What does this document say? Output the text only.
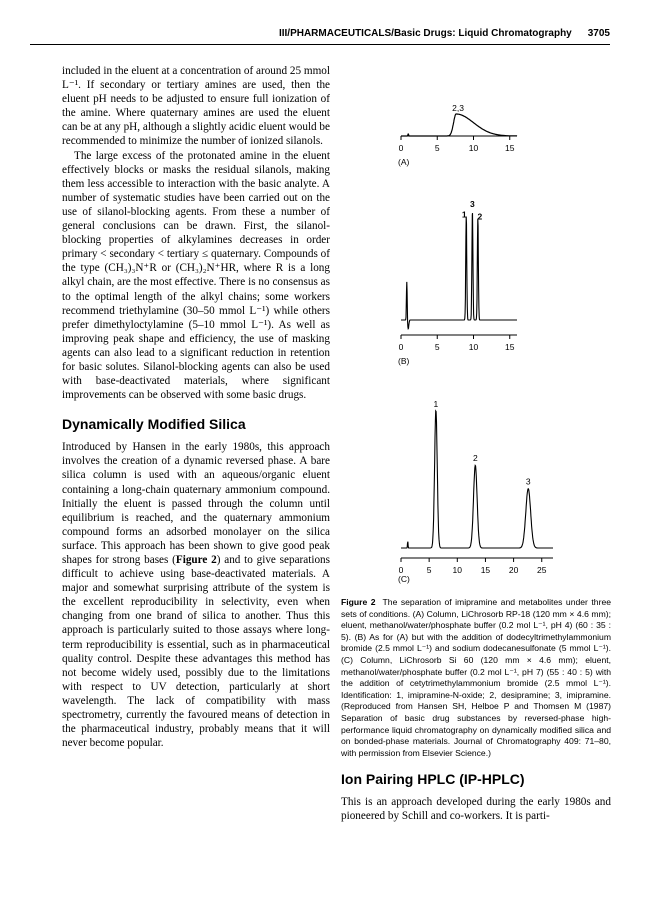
III/PHARMACEUTICALS/Basic Drugs: Liquid Chromatography 3705

included in the eluent at a concentration of around 25 mmol L⁻¹. If secondary or tertiary amines are used, then the eluent pH needs to be adjusted to ensure full ionization of the amine. Where quaternary amines are used the eluent can be at any pH, although a slightly acidic eluent would be recommended to minimize the number of ionized silanols.

The large excess of the protonated amine in the eluent effectively blocks or masks the residual silanols, making them less accessible to interaction with the basic analyte. A number of systematic studies have been carried out on the use of silanol-blocking agents. From these a number of general conclusions can be drawn. First, the silanol-blocking properties of alkylamines decreases in order primary < secondary < tertiary ≤ quaternary. Compounds of the type (CH₃)₃N⁺R or (CH₃)₂N⁺HR, where R is a long alkyl chain, are the most effective. There is no consensus as to the optimal length of the alkyl chains; some workers recommend triethylamine (30–50 mmol L⁻¹) while others prefer dimethyloctylamine (5–10 mmol L⁻¹). As well as improving peak shape and efficiency, the use of masking agents can also lead to a significant reduction in retention for basic solutes. Silanol-blocking agents can also be used with base-deactivated materials, where significant improvements can be observed with some basic drugs.

Dynamically Modified Silica

Introduced by Hansen in the early 1980s, this approach involves the creation of a dynamic reversed phase. A bare silica column is used with an aqueous/organic eluent containing a long-chain quaternary ammonium compound. Initially the eluent is passed through the column until equilibrium is reached, and the quaternary ammonium compound forms an adsorbed monolayer on the silica surface. This approach has been shown to give good peak shapes for strong bases (Figure 2) and to give separations difficult to achieve using base-deactivated materials. A major and somewhat surprising attribute of the system is the excellent reproducibility in selectivity, even when changing from one brand of silica to another. Thus this approach is particularly suited to those assays where long-term reproducibility is essential, such as in pharmaceutical quality control. Despite these advantages this method has not become widely used, possibly due to the limitations with respect to UV detection, particularly at short wavelength. The lack of compatibility with mass spectrometry, currently the favoured means of detection in the pharmaceutical industry, probably means that it will never become popular.

0	5	10	15
2,3
(A)
0	5	10	15
3
1 2
(B)
0	5 10 15 20 25
1
2
3
(C)

Figure 2 The separation of imipramine and metabolites under three sets of conditions. (A) Column, LiChrosorb RP-18 (120 mm × 4.6 mm); eluent, methanol/water/phosphate buffer (0.2 mol L⁻¹, pH 4) (60 : 35 : 5). (B) As for (A) but with the addition of dodecyltrimethylammonium bromide (2.5 mmol L⁻¹) and sodium dodecanesulfonate (5 mmol L⁻¹). (C) Column, LiChrosorb Si 60 (120 mm × 4.6 mm); eluent, methanol/water/phosphate buffer (0.2 mol L⁻¹, pH 7) (55 : 40 : 5) with the addition of cetytrimethylammonium bromide (2.5 mmol L⁻¹). Identification: 1, imipramine-N-oxide; 2, desipramine; 3, imipramine. (Reproduced from Hansen SH, Helboe P and Thomsen M (1987) Separation of basic drug substances by reversed-phase high-performance liquid chromatography on dynamically modified silica and on bonded-phase materials. Journal of Chromatography 409: 71–80, with permission from Elsevier Science.)

Ion Pairing HPLC (IP-HPLC)

This is an approach developed during the early 1980s and pioneered by Schill and co-workers. It is parti-
